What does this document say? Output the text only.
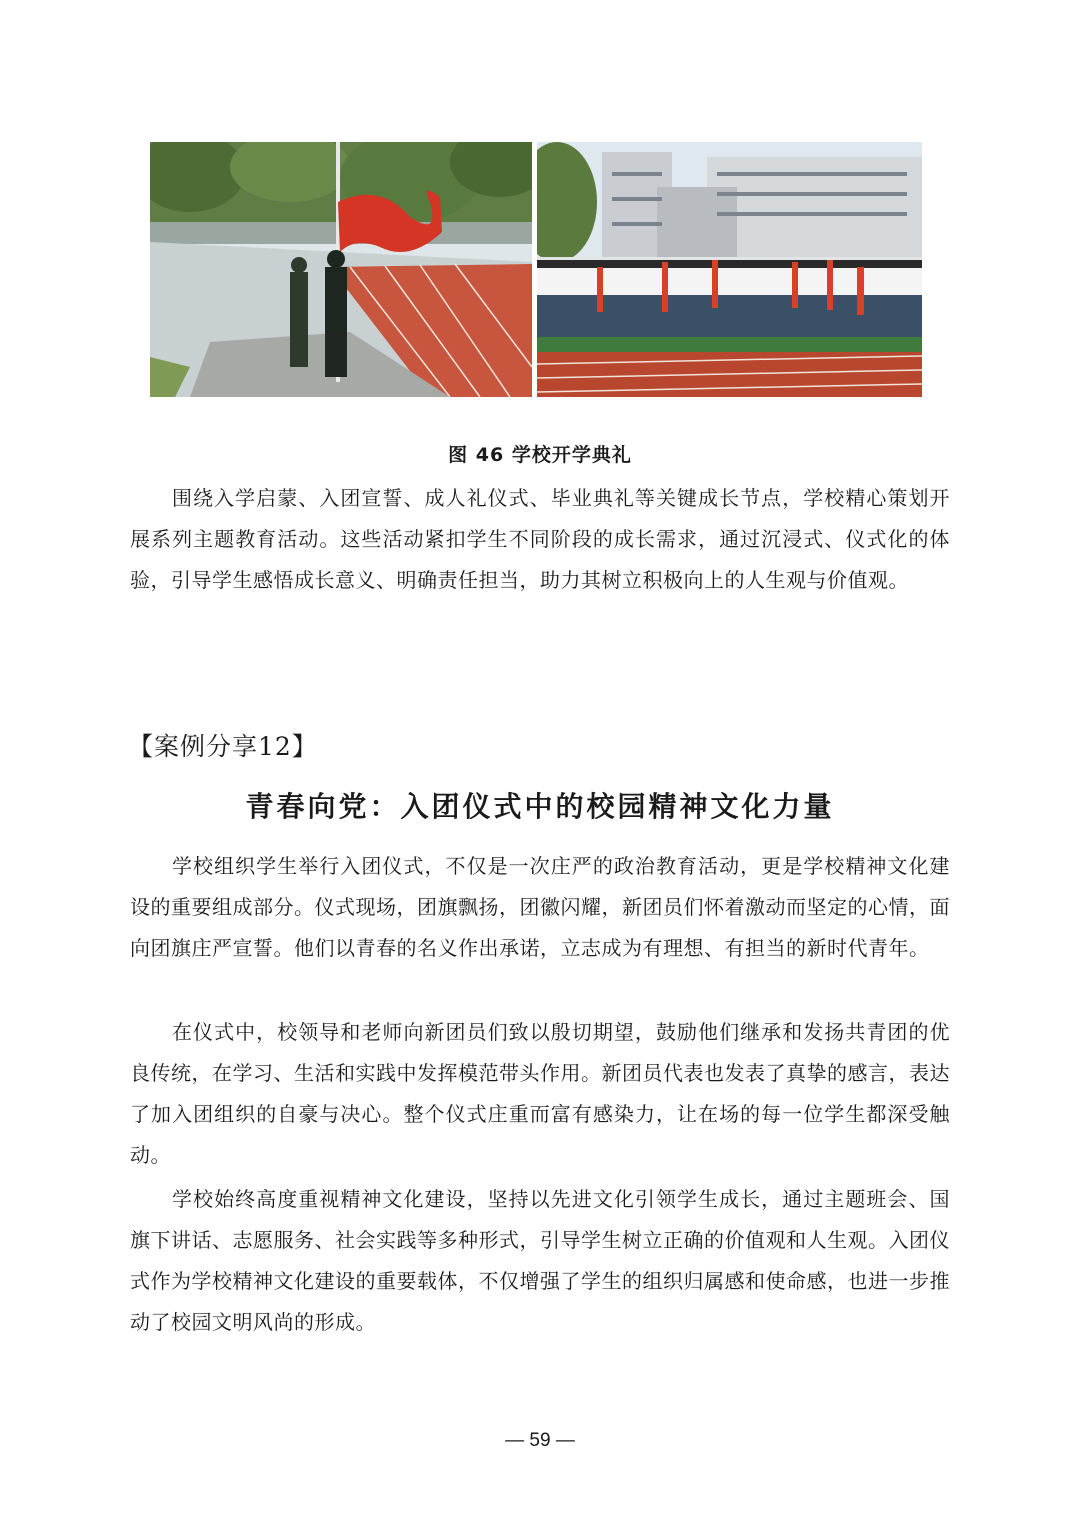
图 46 学校开学典礼

围绕入学启蒙、入团宣誓、成人礼仪式、毕业典礼等关键成长节点，学校精心策划开展系列主题教育活动。这些活动紧扣学生不同阶段的成长需求，通过沉浸式、仪式化的体验，引导学生感悟成长意义、明确责任担当，助力其树立积极向上的人生观与价值观。

【案例分享12】
青春向党：入团仪式中的校园精神文化力量

学校组织学生举行入团仪式，不仅是一次庄严的政治教育活动，更是学校精神文化建设的重要组成部分。仪式现场，团旗飘扬，团徽闪耀，新团员们怀着激动而坚定的心情，面向团旗庄严宣誓。他们以青春的名义作出承诺，立志成为有理想、有担当的新时代青年。

在仪式中，校领导和老师向新团员们致以殷切期望，鼓励他们继承和发扬共青团的优良传统，在学习、生活和实践中发挥模范带头作用。新团员代表也发表了真挚的感言，表达了加入团组织的自豪与决心。整个仪式庄重而富有感染力，让在场的每一位学生都深受触动。

学校始终高度重视精神文化建设，坚持以先进文化引领学生成长，通过主题班会、国旗下讲话、志愿服务、社会实践等多种形式，引导学生树立正确的价值观和人生观。入团仪式作为学校精神文化建设的重要载体，不仅增强了学生的组织归属感和使命感，也进一步推动了校园文明风尚的形成。

— 59 —
